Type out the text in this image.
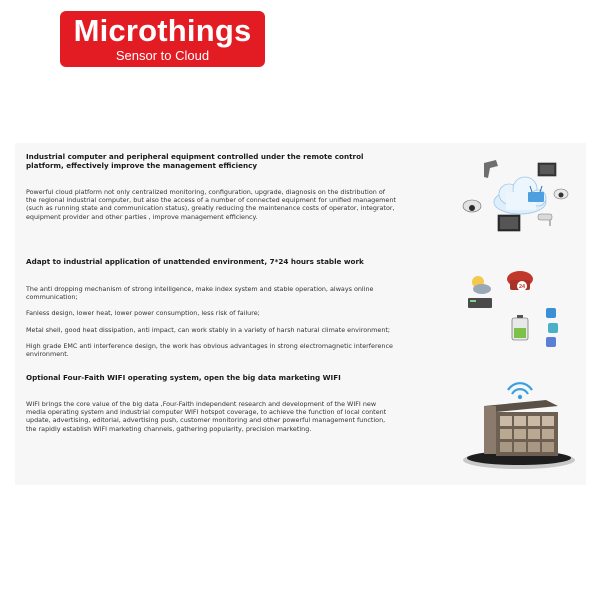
Microthings
Sensor to Cloud
Industrial computer and peripheral equipment controlled under the remote control platform, effectively improve the management efficiency

Powerful cloud platform not only centralized monitoring, configuration, upgrade, diagnosis on the distribution of the regional industrial computer, but also the access of a number of connected equipment for unified management (such as running state and communication status), greatly reducing the maintenance costs of operator, integrator, equipment provider and other parties , improve management efficiency.

Adapt to industrial application of unattended environment, 7*24 hours stable work

The anti dropping mechanism of strong intelligence, make index system and stable operation, always online communication;

Fanless design, lower heat, lower power consumption, less risk of failure;

Metal shell, good heat dissipation, anti impact, can work stably in a variety of harsh natural climate environment;

High grade EMC anti interference design, the work has obvious advantages in strong electromagnetic interference environment.

Optional Four-Faith WIFI operating system, open the big data marketing WIFI

WIFI brings the core value of the big data ,Four-Faith independent research and development of the WIFI new media operating system and industrial computer WIFI hotspot coverage, to achieve the function of local content update, advertising, editorial, advertising push, customer monitoring and other powerful management function, the rapidly establish WIFI marketing channels, gathering popularity, precision marketing.

24
